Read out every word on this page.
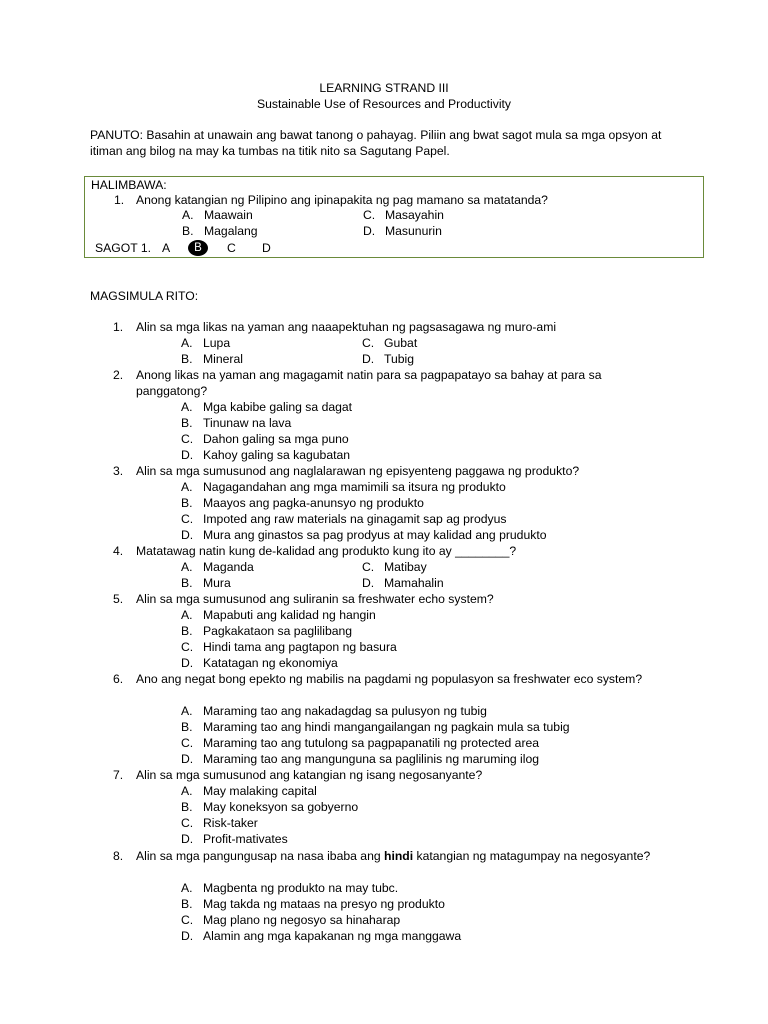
LEARNING STRAND III
Sustainable Use of Resources and Productivity
PANUTO: Basahin at unawain ang bawat tanong o pahayag. Piliin ang bwat sagot mula sa mga opsyon at itiman ang bilog na may ka tumbas na titik nito sa Sagutang Papel.
HALIMBAWA:
1. Anong katangian ng Pilipino ang ipinapakita ng pag mamano sa matatanda?
A. Maawain	C. Masayahin
B. Magalang	D. Masunurin
SAGOT 1. A	B	C D
MAGSIMULA RITO:
1. Alin sa mga likas na yaman ang naaapektuhan ng pagsasagawa ng muro-ami
A. Lupa	C. Gubat
B. Mineral	D. Tubig
2. Anong likas na yaman ang magagamit natin para sa pagpapatayo sa bahay at para sa panggatong?
A. Mga kabibe galing sa dagat
B. Tinunaw na lava
C. Dahon galing sa mga puno
D. Kahoy galing sa kagubatan
3. Alin sa mga sumusunod ang naglalarawan ng episyenteng paggawa ng produkto?
A. Nagagandahan ang mga mamimili sa itsura ng produkto
B. Maayos ang pagka-anunsyo ng produkto
C. Impoted ang raw materials na ginagamit sap ag prodyus
D. Mura ang ginastos sa pag prodyus at may kalidad ang prudukto
4. Matatawag natin kung de-kalidad ang produkto kung ito ay ________?
A. Maganda	C. Matibay
B. Mura	D. Mamahalin
5. Alin sa mga sumusunod ang suliranin sa freshwater echo system?
A. Mapabuti ang kalidad ng hangin
B. Pagkakataon sa paglilibang
C. Hindi tama ang pagtapon ng basura
D. Katatagan ng ekonomiya
6. Ano ang negat bong epekto ng mabilis na pagdami ng populasyon sa freshwater eco system?
A. Maraming tao ang nakadagdag sa pulusyon ng tubig
B. Maraming tao ang hindi mangangailangan ng pagkain mula sa tubig
C. Maraming tao ang tutulong sa pagpapanatili ng protected area
D. Maraming tao ang mangunguna sa paglilinis ng maruming ilog
7. Alin sa mga sumusunod ang katangian ng isang negosanyante?
A. May malaking capital
B. May koneksyon sa gobyerno
C. Risk-taker
D. Profit-mativates
8. Alin sa mga pangungusap na nasa ibaba ang hindi katangian ng matagumpay na negosyante?
A. Magbenta ng produkto na may tubc.
B. Mag takda ng mataas na presyo ng produkto
C. Mag plano ng negosyo sa hinaharap
D. Alamin ang mga kapakanan ng mga manggawa
